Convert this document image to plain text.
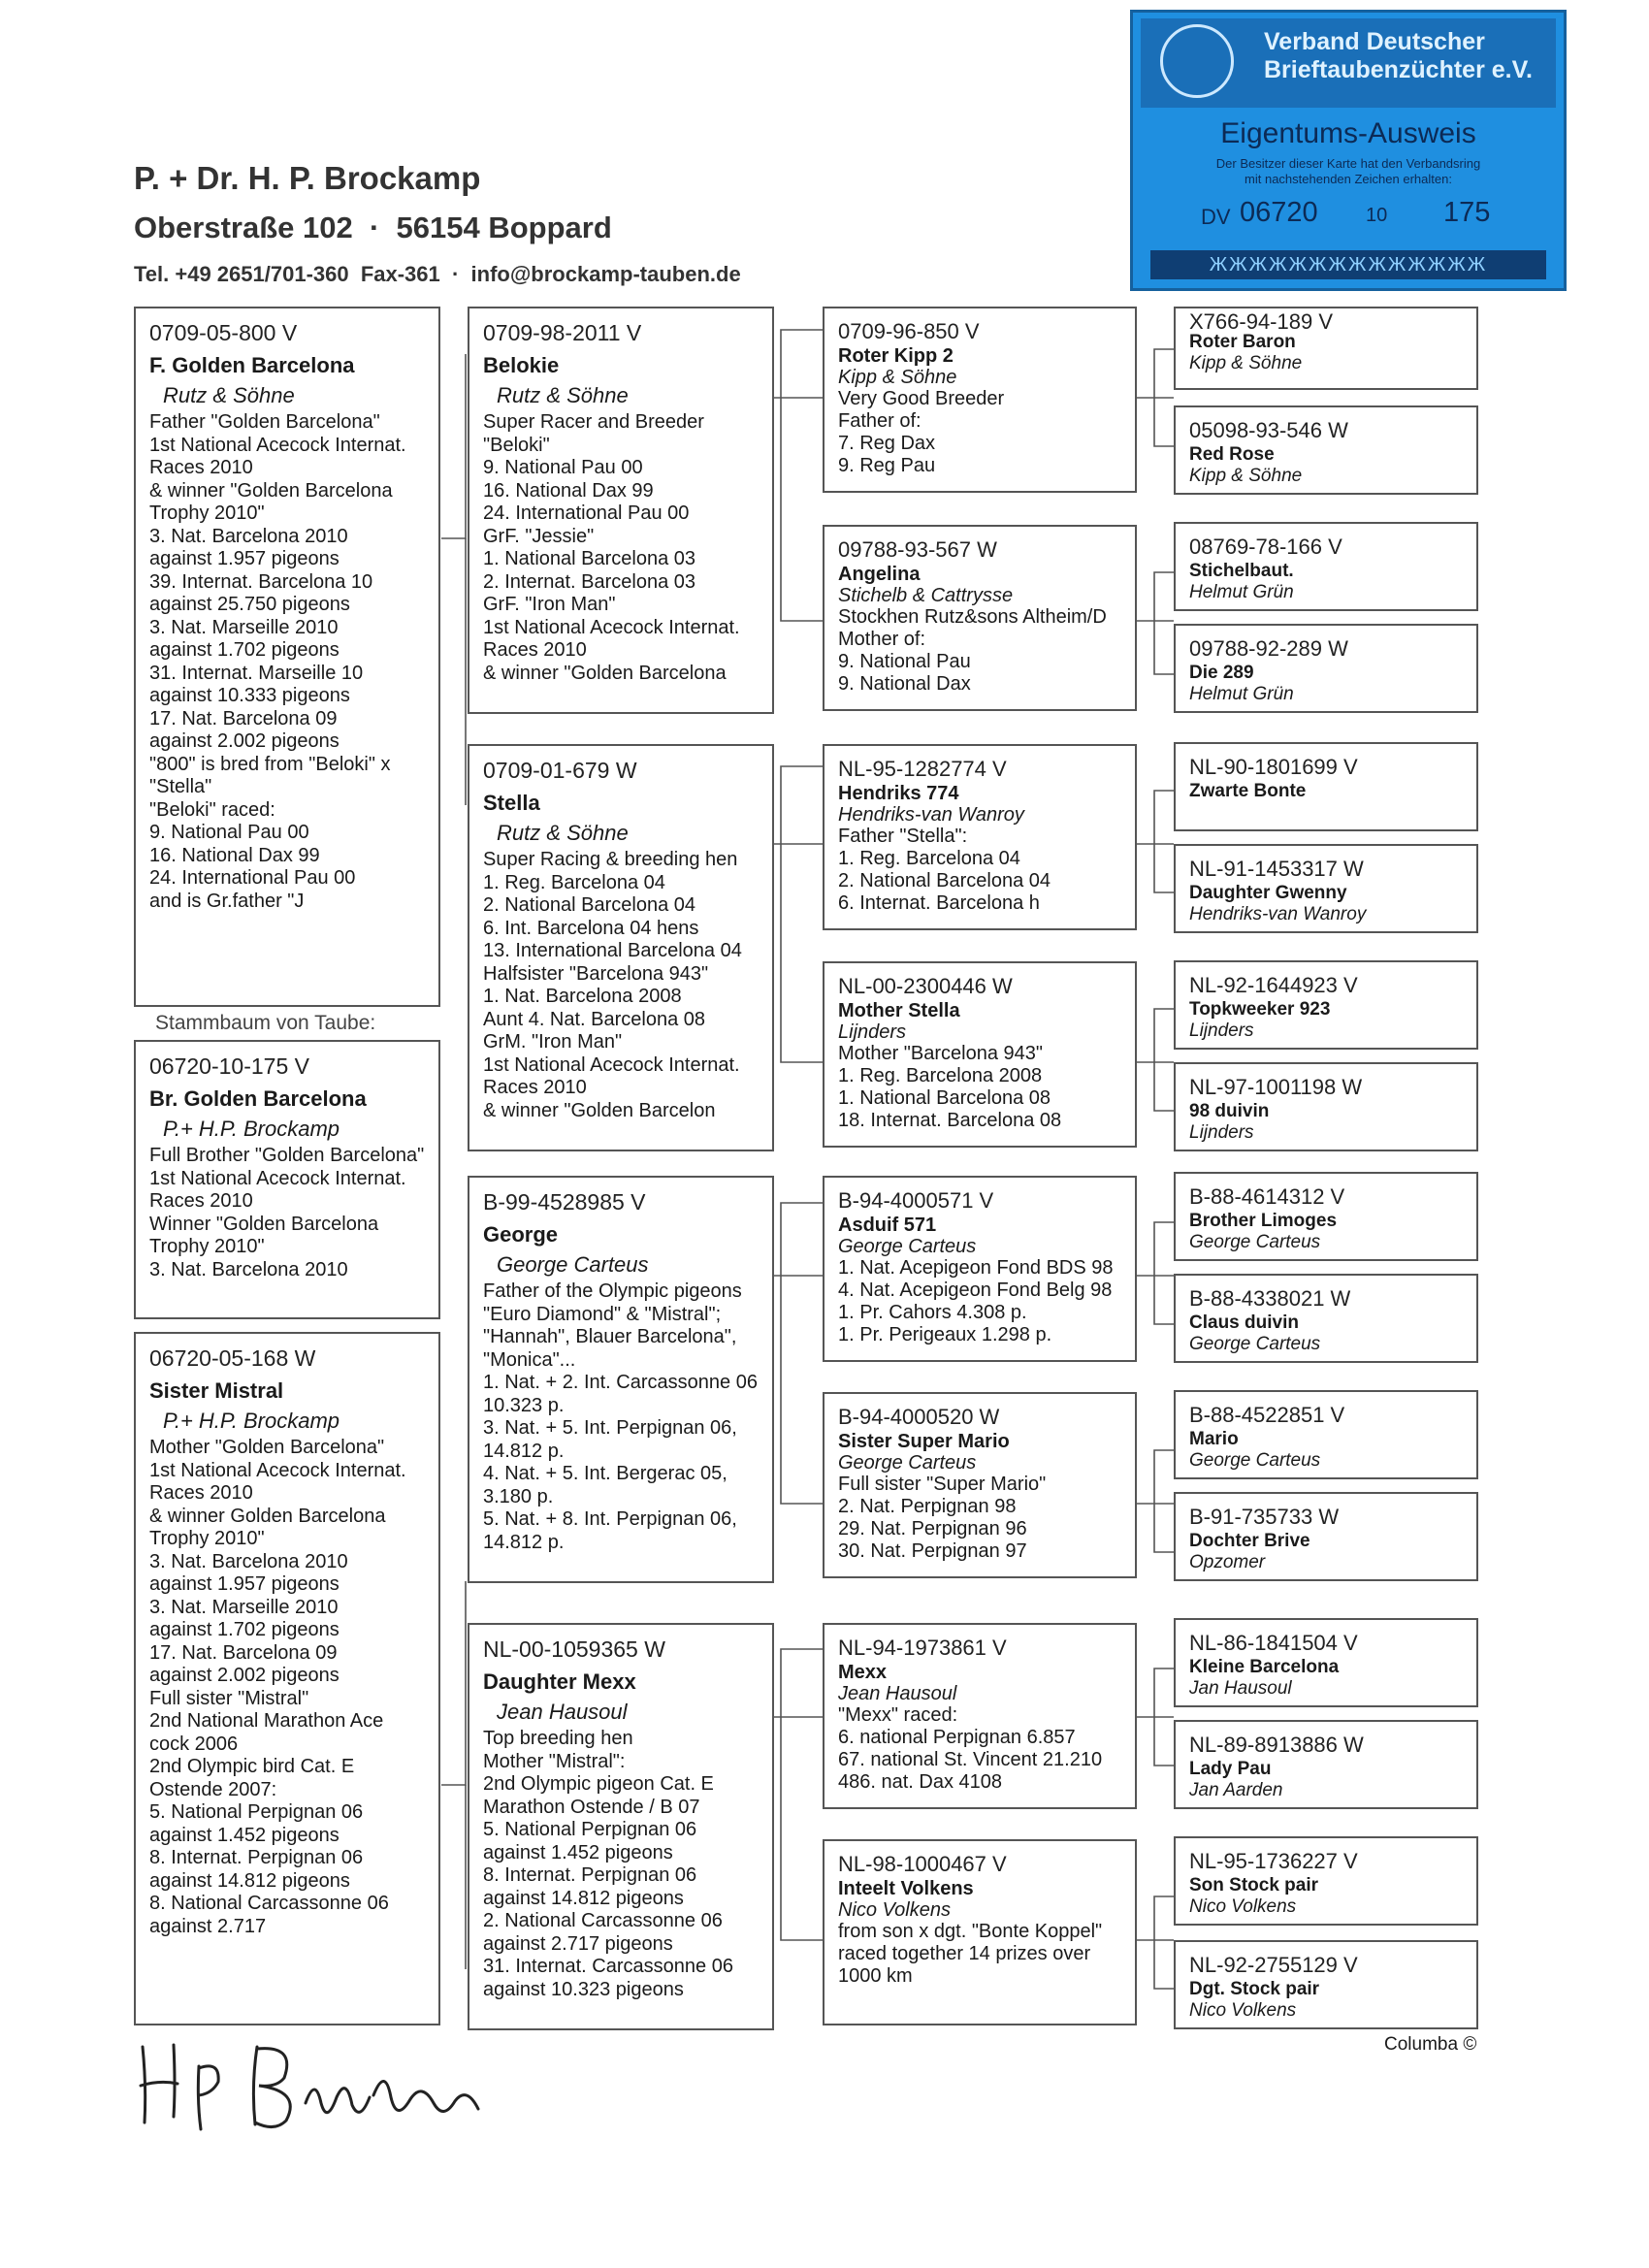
P. + Dr. H. P. Brockamp
Oberstraße 102  ·  56154 Boppard
Tel. +49 2651/701-360  Fax-361  ·  info@brockamp-tauben.de
Verband Deutscher
Brieftaubenzüchter e.V.
Eigentums-Ausweis
Der Besitzer dieser Karte hat den Verbandsring
mit nachstehenden Zeichen erhalten:
DV 06720 10 175
ЖЖЖЖЖЖЖЖЖЖЖЖЖЖ
0709-05-800 V
F. Golden Barcelona
Rutz & Söhne
Father "Golden Barcelona"
1st National Acecock Internat.
Races 2010
& winner "Golden Barcelona
Trophy 2010"
3. Nat. Barcelona 2010
against 1.957 pigeons
39. Internat. Barcelona 10
against 25.750 pigeons
3. Nat. Marseille 2010
against 1.702 pigeons
31. Internat. Marseille 10
against 10.333 pigeons
17. Nat. Barcelona 09
against 2.002 pigeons
"800" is bred from "Beloki" x
"Stella"
"Beloki" raced:
9. National Pau 00
16. National Dax 99
24. International Pau 00
and is Gr.father "J
Stammbaum von Taube:
06720-10-175 V
Br. Golden Barcelona
P.+ H.P. Brockamp
Full Brother "Golden Barcelona"
1st National Acecock Internat.
Races 2010
Winner "Golden Barcelona
Trophy 2010"
3. Nat. Barcelona 2010
06720-05-168 W
Sister Mistral
P.+ H.P. Brockamp
Mother "Golden Barcelona"
1st National Acecock Internat.
Races 2010
& winner Golden Barcelona
Trophy 2010"
3. Nat. Barcelona 2010
against 1.957 pigeons
3. Nat. Marseille 2010
against 1.702 pigeons
17. Nat. Barcelona 09
against 2.002 pigeons
Full sister "Mistral"
2nd National Marathon Ace
cock 2006
2nd Olympic bird Cat. E
Ostende 2007:
5. National Perpignan 06
against 1.452 pigeons
8. Internat. Perpignan 06
against 14.812 pigeons
8. National Carcassonne 06
against 2.717
0709-98-2011 V
Belokie
Rutz & Söhne
Super Racer and Breeder
"Beloki"
9. National Pau 00
16. National Dax 99
24. International Pau 00
GrF. "Jessie"
1. National Barcelona 03
2. Internat. Barcelona 03
GrF. "Iron Man"
1st National Acecock Internat.
Races 2010
& winner "Golden Barcelona
0709-01-679 W
Stella
Rutz & Söhne
Super Racing & breeding hen
1. Reg. Barcelona 04
2. National Barcelona 04
6. Int. Barcelona 04 hens
13. International Barcelona 04
Halfsister "Barcelona 943"
1. Nat. Barcelona 2008
Aunt 4. Nat. Barcelona 08
GrM. "Iron Man"
1st National Acecock Internat.
Races 2010
& winner "Golden Barcelon
B-99-4528985 V
George
George Carteus
Father of the Olympic pigeons
"Euro Diamond" & "Mistral";
"Hannah", Blauer Barcelona",
"Monica"...
1. Nat. + 2. Int. Carcassonne 06
10.323 p.
3. Nat. + 5. Int. Perpignan 06,
14.812 p.
4. Nat. + 5. Int. Bergerac 05,
3.180 p.
5. Nat. + 8. Int. Perpignan 06,
14.812 p.
NL-00-1059365 W
Daughter Mexx
Jean Hausoul
Top breeding hen
Mother "Mistral":
2nd Olympic pigeon Cat. E
Marathon Ostende / B 07
5. National Perpignan 06
against 1.452 pigeons
8. Internat. Perpignan 06
against 14.812 pigeons
2. National Carcassonne 06
against 2.717 pigeons
31. Internat. Carcassonne 06
against 10.323 pigeons
0709-96-850 V
Roter Kipp 2
Kipp & Söhne
Very Good Breeder
Father of:
7. Reg Dax
9. Reg Pau
09788-93-567 W
Angelina
Stichelb & Cattrysse
Stockhen Rutz&sons Altheim/D
Mother of:
9. National Pau
9. National Dax
NL-95-1282774 V
Hendriks 774
Hendriks-van Wanroy
Father "Stella":
1. Reg. Barcelona 04
2. National Barcelona 04
6. Internat. Barcelona h
NL-00-2300446 W
Mother Stella
Lijnders
Mother "Barcelona 943"
1. Reg. Barcelona 2008
1. National Barcelona 08
18. Internat. Barcelona 08
B-94-4000571 V
Asduif 571
George Carteus
1. Nat. Acepigeon Fond BDS 98
4. Nat. Acepigeon Fond Belg 98
1. Pr. Cahors 4.308 p.
1. Pr. Perigeaux 1.298 p.
B-94-4000520 W
Sister Super Mario
George Carteus
Full sister "Super Mario"
2. Nat. Perpignan 98
29. Nat. Perpignan 96
30. Nat. Perpignan 97
NL-94-1973861 V
Mexx
Jean Hausoul
"Mexx" raced:
6. national Perpignan 6.857
67. national St. Vincent 21.210
486. nat. Dax 4108
NL-98-1000467 V
Inteelt Volkens
Nico Volkens
from son x dgt. "Bonte Koppel"
raced together 14 prizes over
1000 km
X766-94-189 V
Roter Baron
Kipp & Söhne
05098-93-546 W
Red Rose
Kipp & Söhne
08769-78-166 V
Stichelbaut.
Helmut Grün
09788-92-289 W
Die 289
Helmut Grün
NL-90-1801699 V
Zwarte Bonte
NL-91-1453317 W
Daughter Gwenny
Hendriks-van Wanroy
NL-92-1644923 V
Topkweeker 923
Lijnders
NL-97-1001198 W
98 duivin
Lijnders
B-88-4614312 V
Brother Limoges
George Carteus
B-88-4338021 W
Claus duivin
George Carteus
B-88-4522851 V
Mario
George Carteus
B-91-735733 W
Dochter Brive
Opzomer
NL-86-1841504 V
Kleine Barcelona
Jan Hausoul
NL-89-8913886 W
Lady Pau
Jan Aarden
NL-95-1736227 V
Son Stock pair
Nico Volkens
NL-92-2755129 V
Dgt. Stock pair
Nico Volkens
Columba ©
